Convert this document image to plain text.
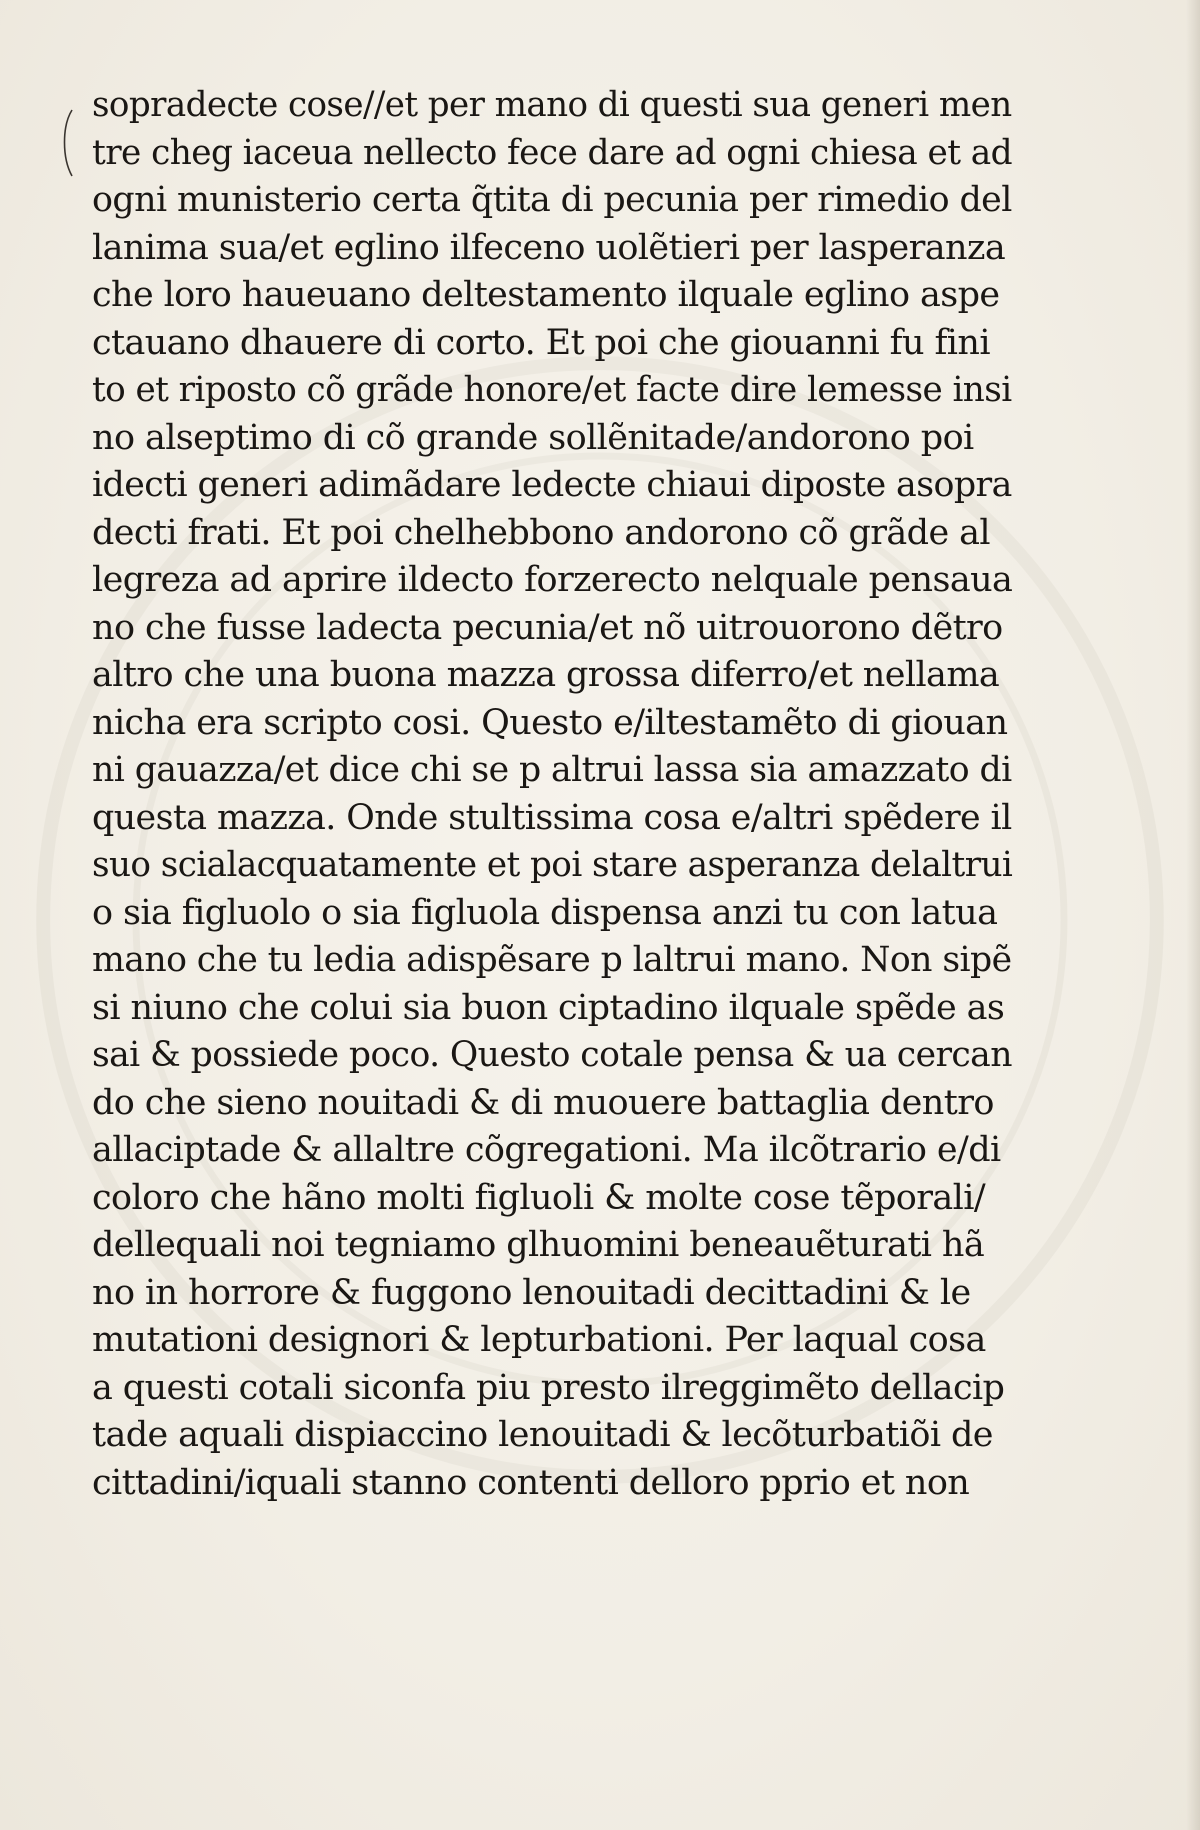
sopradecte cose//et per mano di questi sua generi men
tre cheg iaceua nellecto fece dare ad ogni chiesa et ad
ogni munisterio certa q̃tita di pecunia per rimedio del
lanima sua/et eglino ilfeceno uolẽtieri per lasperanza
che loro haueuano deltestamento ilquale eglino aspe
ctauano dhauere di corto. Et poi che giouanni fu fini
to et riposto cõ grãde honore/et facte dire lemesse insi
no alseptimo di cõ grande sollẽnitade/andorono poi
idecti generi adimãdare ledecte chiaui diposte asopra
decti frati. Et poi chelhebbono andorono cõ grãde al
legreza ad aprire ildecto forzerecto nelquale pensaua
no che fusse ladecta pecunia/et nõ uitrouorono dẽtro
altro che una buona mazza grossa diferro/et nellama
nicha era scripto cosi. Questo e/iltestamẽto di giouan
ni gauazza/et dice chi se p altrui lassa sia amazzato di
questa mazza. Onde stultissima cosa e/altri spẽdere il
suo scialacquatamente et poi stare asperanza delaltrui
o sia figluolo o sia figluola dispensa anzi tu con latua
mano che tu ledia adispẽsare p laltrui mano. Non sipẽ
si niuno che colui sia buon ciptadino ilquale spẽde as
sai & possiede poco. Questo cotale pensa & ua cercan
do che sieno nouitadi & di muouere battaglia dentro
allaciptade & allaltre cõgregationi. Ma ilcõtrario e/di
coloro che hãno molti figluoli & molte cose tẽporali/
dellequali noi tegniamo glhuomini beneauẽturati hã
no in horrore & fuggono lenouitadi decittadini & le
mutationi designori & lepturbationi. Per laqual cosa
a questi cotali siconfa piu presto ilreggimẽto dellacip
tade aquali dispiaccino lenouitadi & lecõturbatiõi de
cittadini/iquali stanno contenti delloro pprio et non
